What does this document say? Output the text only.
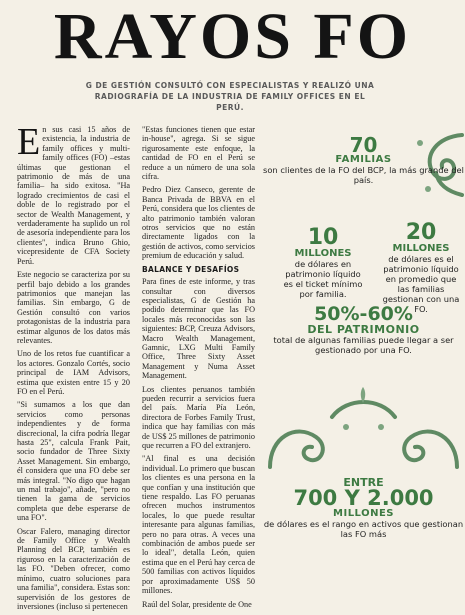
RAYOS FO
G DE GESTIÓN CONSULTÓ CON ESPECIALISTAS Y REALIZÓ UNA RADIOGRAFÍA DE LA INDUSTRIA DE FAMILY OFFICES EN EL PERÚ.

En sus casi 15 años de existencia, la industria de family offices y multi-family offices (FO) –estas últimas que gestionan el patrimonio de más de una familia– ha sido exitosa. "Ha logrado crecimientos de casi el doble de lo registrado por el sector de Wealth Management, y verdaderamente ha suplido un rol de asesoría independiente para los clientes", indica Bruno Ghio, vicepresidente de CFA Society Perú.

Este negocio se caracteriza por su perfil bajo debido a los grandes patrimonios que manejan las familias. Sin embargo, G de Gestión consultó con varios protagonistas de la industria para estimar algunos de los datos más relevantes.

Uno de los retos fue cuantificar a los actores. Gonzalo Cortés, socio principal de IAM Advisors, estima que existen entre 15 y 20 FO en el Perú.

"Si sumamos a los que dan servicios como personas independientes y de forma discrecional, la cifra podría llegar hasta 25", calcula Frank Pait, socio fundador de Three Sixty Asset Management. Sin embargo, él considera que una FO debe ser más integral. "No digo que hagan un mal trabajo", añade, "pero no tienen la gama de servicios completa que debe esperarse de una FO".

Oscar Falero, managing director de Family Office y Wealth Planning del BCP, también es riguroso en la caracterización de las FO. "Deben ofrecer, como mínimo, cuatro soluciones para una familia", considera. Estas son: supervisión de los gestores de inversiones (incluso si pertenecen

"Estas funciones tienen que estar in-house", agrega. Si se sigue rigurosamente este enfoque, la cantidad de FO en el Perú se reduce a un número de una sola cifra.

Pedro Diez Canseco, gerente de Banca Privada de BBVA en el Perú, considera que los clientes de alto patrimonio también valoran otros servicios que no están directamente ligados con la gestión de activos, como servicios premium de educación y salud.

BALANCE Y DESAFÍOS

Para fines de este informe, y tras consultar con diversos especialistas, G de Gestión ha podido determinar que las FO locales más reconocidas son las siguientes: BCP, Creuza Advisors, Macro Wealth Management, Gamnic, LXG Multi Family Office, Three Sixty Asset Management y Numa Asset Management.

Los clientes peruanos también pueden recurrir a servicios fuera del país. María Pía León, directora de Forbes Family Trust, indica que hay familias con más de US$ 25 millones de patrimonio que recurren a FO del extranjero.

"Al final es una decisión individual. Lo primero que buscan los clientes es una persona en la que confían y una institución que tiene respaldo. Las FO peruanas ofrecen muchos instrumentos locales, lo que puede resultar interesante para algunas familias, pero no para otras. A veces una combinación de ambos puede ser lo ideal", detalla León, quien estima que en el Perú hay cerca de 500 familias con activos líquidos por aproximadamente US$ 50 millones.

Raúl del Solar, presidente de One

70
FAMILIAS
son clientes de la FO del BCP, la más grande del país.
10
MILLONES
de dólares en patrimonio líquido es el ticket mínimo por familia.
20
MILLONES
de dólares es el patrimonio líquido en promedio que las familias gestionan con una FO.
50%-60%
DEL PATRIMONIO
total de algunas familias puede llegar a ser gestionado por una FO.
ENTRE
700 Y 2.000
MILLONES
de dólares es el rango en activos que gestionan las FO más
